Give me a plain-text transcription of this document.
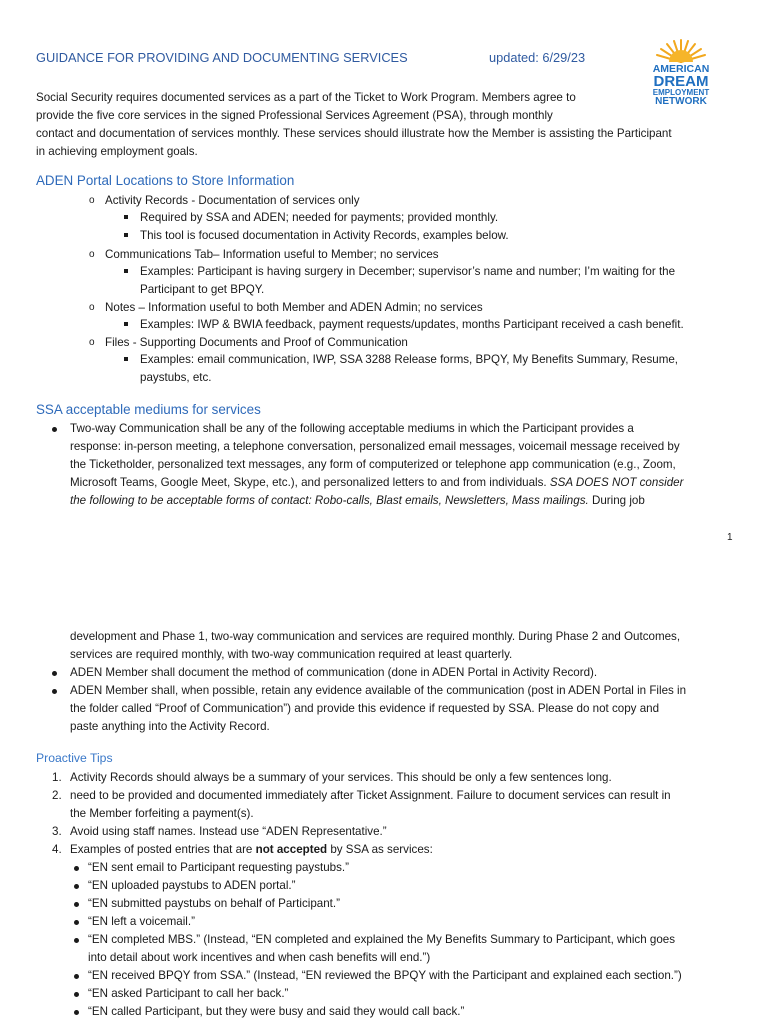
GUIDANCE FOR PROVIDING AND DOCUMENTING SERVICES	updated: 6/29/23
AMERICAN
DREAM
EMPLOYMENT
NETWORK
Social Security requires documented services as a part of the Ticket to Work Program. Members agree to
provide the five core services in the signed Professional Services Agreement (PSA), through monthly
contact and documentation of services monthly. These services should illustrate how the Member is assisting the Participant
in achieving employment goals.
ADEN Portal Locations to Store Information
o Activity Records - Documentation of services only
Required by SSA and ADEN; needed for payments; provided monthly.
This tool is focused documentation in Activity Records, examples below.
o Communications Tab– Information useful to Member; no services
Examples: Participant is having surgery in December; supervisor’s name and number; I’m waiting for the
Participant to get BPQY.
o Notes – Information useful to both Member and ADEN Admin; no services
Examples: IWP & BWIA feedback, payment requests/updates, months Participant received a cash benefit.
o Files - Supporting Documents and Proof of Communication
Examples: email communication, IWP, SSA 3288 Release forms, BPQY, My Benefits Summary, Resume,
paystubs, etc.
SSA acceptable mediums for services
Two-way Communication shall be any of the following acceptable mediums in which the Participant provides a
response: in-person meeting, a telephone conversation, personalized email messages, voicemail message received by
the Ticketholder, personalized text messages, any form of computerized or telephone app communication (e.g., Zoom,
Microsoft Teams, Google Meet, Skype, etc.), and personalized letters to and from individuals. SSA DOES NOT consider
the following to be acceptable forms of contact: Robo-calls, Blast emails, Newsletters, Mass mailings. During job
1
development and Phase 1, two-way communication and services are required monthly. During Phase 2 and Outcomes,
services are required monthly, with two-way communication required at least quarterly.
ADEN Member shall document the method of communication (done in ADEN Portal in Activity Record).
ADEN Member shall, when possible, retain any evidence available of the communication (post in ADEN Portal in Files in
the folder called “Proof of Communication”) and provide this evidence if requested by SSA. Please do not copy and
paste anything into the Activity Record.
Proactive Tips
1. Activity Records should always be a summary of your services. This should be only a few sentences long.
2. need to be provided and documented immediately after Ticket Assignment. Failure to document services can result in
the Member forfeiting a payment(s).
3. Avoid using staff names. Instead use “ADEN Representative.”
4. Examples of posted entries that are not accepted by SSA as services:
“EN sent email to Participant requesting paystubs.”
“EN uploaded paystubs to ADEN portal.”
“EN submitted paystubs on behalf of Participant.”
“EN left a voicemail.”
“EN completed MBS.” (Instead, “EN completed and explained the My Benefits Summary to Participant, which goes
into detail about work incentives and when cash benefits will end.”)
“EN received BPQY from SSA.” (Instead, “EN reviewed the BPQY with the Participant and explained each section.”)
“EN asked Participant to call her back.”
“EN called Participant, but they were busy and said they would call back.”
